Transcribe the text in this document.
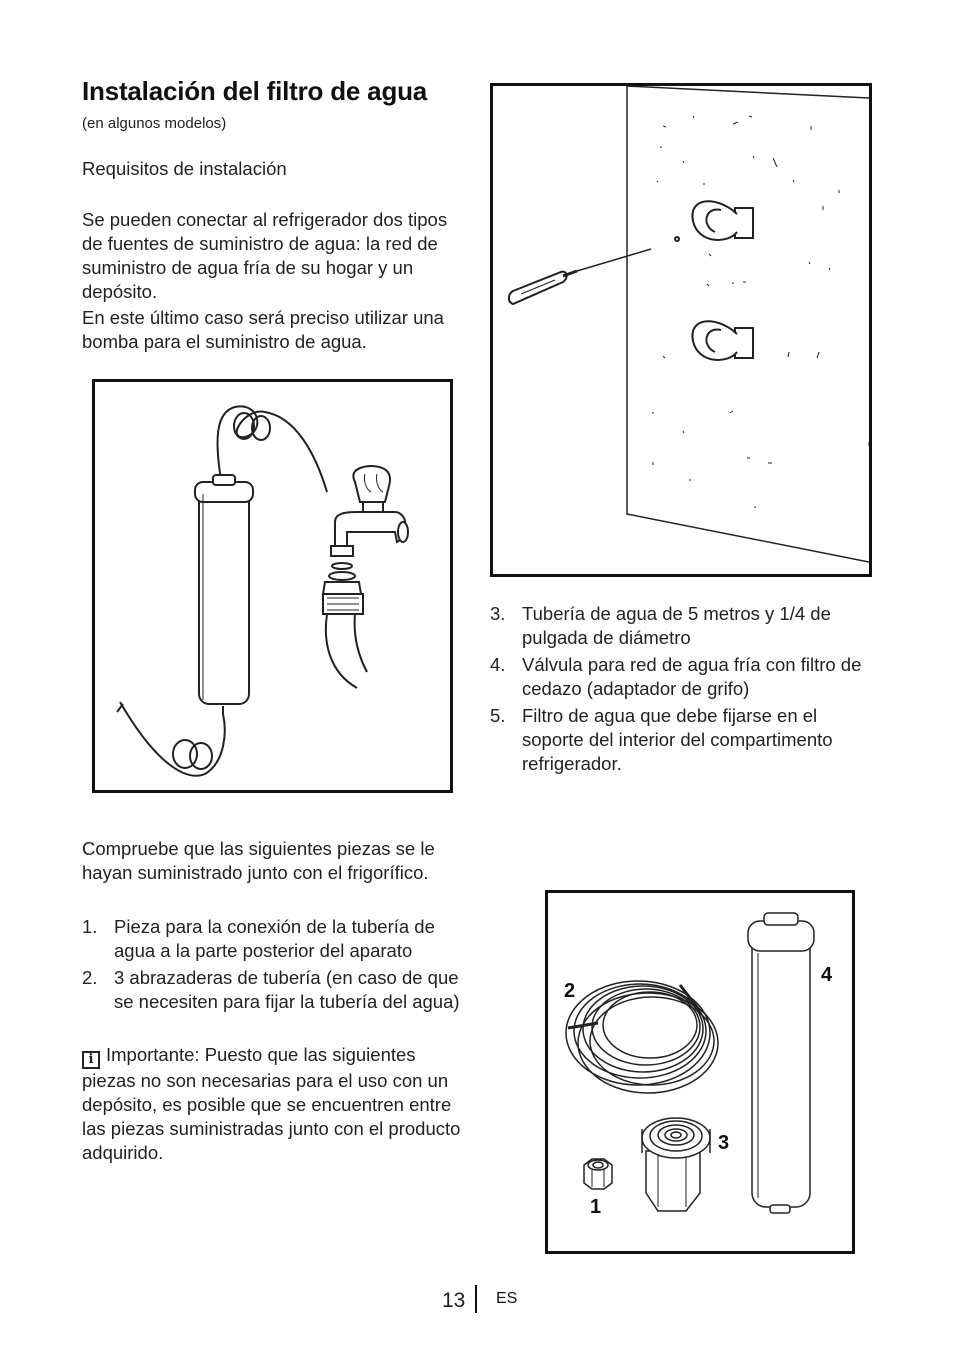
Instalación del filtro de agua
(en algunos modelos)
Requisitos de instalación
Se pueden conectar al refrigerador dos tipos de fuentes de suministro de agua: la red de suministro de agua fría de su hogar y un depósito.
En este último caso será preciso utilizar una bomba para el suministro de agua.
3. Tubería de agua de 5 metros y 1/4 de pulgada de diámetro
4. Válvula para red de agua fría con filtro de cedazo (adaptador de grifo)
5. Filtro de agua que debe fijarse en el soporte del interior del compartimento refrigerador.
Compruebe que las siguientes piezas se le hayan suministrado junto con el frigorífico.
1. Pieza para la conexión de la tubería de agua a la parte posterior del aparato
2. 3 abrazaderas de tubería (en caso de que se necesiten para fijar la tubería del agua)
i Importante: Puesto que las siguientes piezas no son necesarias para el uso con un depósito, es posible que se encuentren entre las piezas suministradas junto con el producto adquirido.
1
2
3
4
13 ES
